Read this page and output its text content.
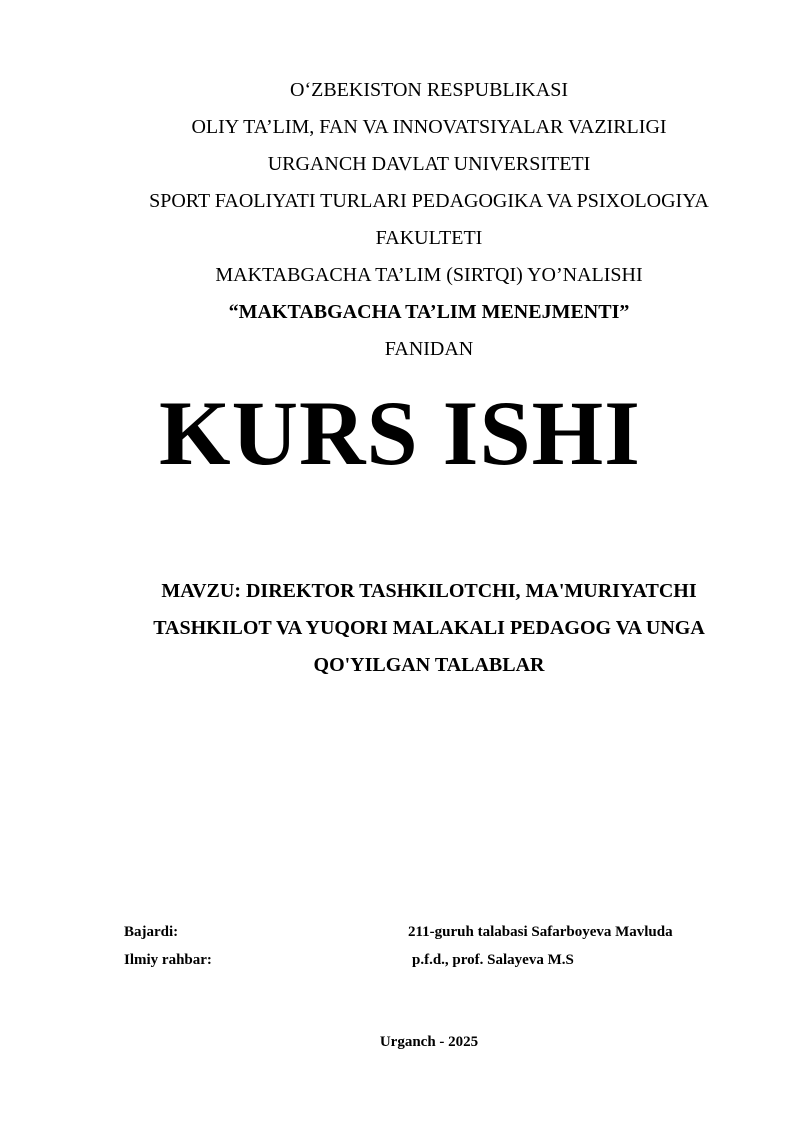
O‘ZBEKISTON RESPUBLIKASI
OLIY TA’LIM, FAN VA INNOVATSIYALAR VAZIRLIGI
URGANCH DAVLAT UNIVERSITETI
SPORT FAOLIYATI TURLARI PEDAGOGIKA VA PSIXOLOGIYA
FAKULTETI
MAKTABGACHA TA’LIM (SIRTQI) YO’NALISHI
“MAKTABGACHA TA’LIM MENEJMENTI”
FANIDAN
KURS ISHI
MAVZU: DIREKTOR TASHKILOTCHI, MA'MURIYATCHI
TASHKILOT VA YUQORI MALAKALI PEDAGOG VA UNGA
QO'YILGAN TALABLAR
Bajardi:	211-guruh talabasi Safarboyeva Mavluda
Ilmiy rahbar:	p.f.d., prof. Salayeva M.S
Urganch - 2025
